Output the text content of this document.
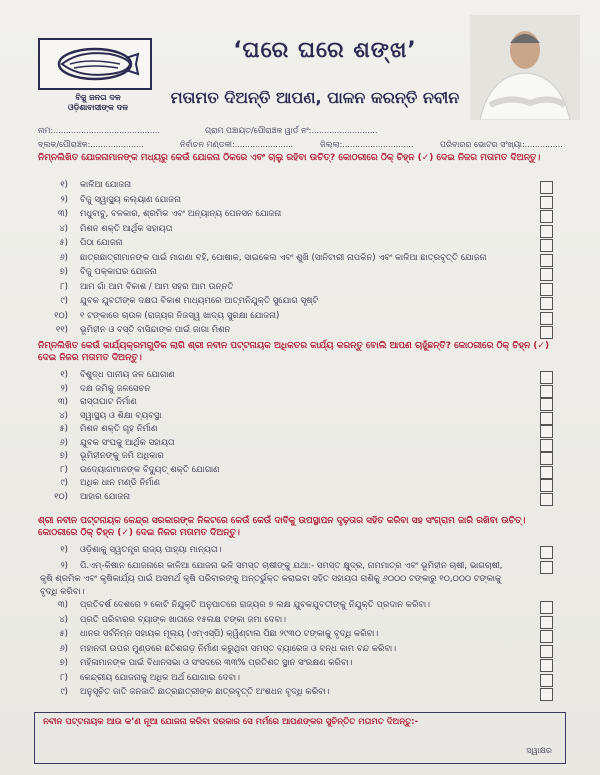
ବିଜୁ ଜନତା ଦଳ
ଓଡ଼ିଶାବାସୀଙ୍କ ଦଳ
‘ଘରେ ଘରେ ଶଙ୍ଖ’
ମତାମତ ଦିଅନ୍ତି ଆପଣ, ପାଳନ କରନ୍ତି ନବୀନ
ନାମ:..........................................	ଗ୍ରାମ ପଞ୍ଚାୟତ/ପୌରାଞ୍ଚଳ ୱାର୍ଡ ନଂ:..........................
ବ୍ଲକ/ପୌରାଞ୍ଚଳ:.....................	ନିର୍ବାଚନ ମଣ୍ଡଳୀ:.......................	ଜିଲ୍ଲା:............................	ପରିବାରର ଭୋଟର ସଂଖ୍ୟା:...............
ନିମ୍ନଲିଖିତ ଯୋଜନାମାନଙ୍କ ମଧ୍ୟରୁ କେଉଁ ଯୋଜନା ଠିକରେ ଏବଂ ଚାଲୁ ରହିବା ଉଚିତ୍? କୋଠରୀରେ ଠିକ୍ ଚିହ୍ନ (✓) ଦେଇ ନିଜର ମତାମତ ଦିଅନ୍ତୁ।
୧) କାଳିଆ ଯୋଜନା
୨) ବିଜୁ ସ୍ୱାସ୍ଥ୍ୟ କଲ୍ୟାଣ ଯୋଜନା
୩) ମଧୁବାବୁ, ବଳକାର, ଶ୍ରମିକ ଏବଂ ଅନ୍ୟାନ୍ୟ ପେନସନ ଯୋଜନା
୪) ମିଶନ ଶକ୍ତି ଆର୍ଥିକ ସହାୟତା
୫) ପିଠା ଯୋଜନା
୬) ଛାତ୍ରଛାତ୍ରୀମାନଙ୍କ ପାଇଁ ମାଗଣା ବହି, ପୋଷାକ, ସାଇକେଲ ଏବଂ ଶୁଖି (ସାନିଟାରୀ ନାପକିନ) ଏବଂ କାଳିଆ ଛାତ୍ରବୃତ୍ତି ଯୋଜନା
୭) ବିଜୁ ପକ୍କାଘର ଯୋଜନା
୮) ଆମ ଗାଁ ଆମ ବିକାଶ / ଆମ ସହର ଆମ ଉନ୍ନତି
୯) ଯୁବକ ଯୁବତୀଙ୍କ ଦକ୍ଷତା ବିକାଶ ମାଧ୍ୟମରେ ଆତ୍ମନିଯୁକ୍ତି ସୁଯୋଗ ସୃଷ୍ଟି
୧୦) ୧ ଟଙ୍କାରେ ଚାଉଳ (ରାଜ୍ୟର ନିଜସ୍ୱ ଖାଦ୍ୟ ସୁରକ୍ଷା ଯୋଜନା)
୧୧) ଭୂମିହୀନ ଓ ବସ୍ତି ବାସିନ୍ଦାଙ୍କ ପାଇଁ ଜାଗା ମିଶନ
ନିମ୍ନଲିଖିତ କେଉଁ କାର୍ଯ୍ୟକ୍ରମଗୁଡିକ ଲାଗି ଶ୍ରୀ ନବୀନ ପଟ୍ଟନାୟକ ଅଧିକତର କାର୍ଯ୍ୟ କରନ୍ତୁ ବୋଲି ଆପଣ ଚାହୁଁଛନ୍ତି? କୋଠରୀରେ ଠିକ୍ ଚିହ୍ନ (✓) ଦେଇ ନିଜର ମତାମତ ଦିଅନ୍ତୁ।
୧) ବିଶୁଦ୍ଧ ପାନୀୟ ଜଳ ଯୋଗାଣ
୨) ଦକ୍ଷ ଜମିକୁ ଜଳସେଚନ
୩) ରାସ୍ତାଘାଟ ନିର୍ମାଣ
୪) ସ୍ୱାସ୍ଥ୍ୟ ଓ ଶିକ୍ଷା ବ୍ୟବସ୍ଥା
୫) ମିଶନ ଶକ୍ତି ଗୃହ ନିର୍ମାଣ
୬) ଯୁବକ ସଂଘକୁ ଆର୍ଥିକ ସହାୟତା
୭) ଭୂମିହୀନଙ୍କୁ ଜମି ଅଧିକାର
୮) ଉଦ୍ୟୋଗମାନଙ୍କ ବିଦ୍ୟୁତ୍ ଶକ୍ତି ଯୋଗାଣ
୯) ଅଧିକ ଧାନ ମଣ୍ଡି ନିର୍ମାଣ
୧୦) ଆହାର ଯୋଜନା
ଶ୍ରୀ ନବୀନ ପଟ୍ଟନାୟକ କେନ୍ଦ୍ର ସରକାରଙ୍କ ନିକଟରେ କେଉଁ କେଉଁ ଦାବିକୁ ଉପସ୍ଥାପନ ଦୃଢ଼ତାର ସହିତ କରିବା ସହ ସଂଗ୍ରାମ ଜାରି ରଖିବା ଉଚିତ୍। କୋଠରୀରେ ଠିକ୍ ଚିହ୍ନ (✓) ଦେଇ ନିଜର ମତାମତ ଦିଅନ୍ତୁ।
୧) ଓଡ଼ିଶାକୁ ସ୍ୱତନ୍ତ୍ର ରାଜ୍ୟ ପାହ୍ୟା ମାନ୍ୟତା।
୨) ପି.ଏମ୍-କିଷାନ ଯୋଜନାରେ କାଳିଆ ଯୋଜନା ଭଳି ସମସ୍ତ ଚାଷୀଙ୍କୁ ଯଥା:- ସମସ୍ତ କ୍ଷୁଦ୍ର, ନାମମାତ୍ର ଏବଂ ଭୂମିହୀନ ଚାଷୀ, ଭାଗଚାଷୀ, କୃଷି ଶ୍ରମିକ ଏବଂ କୃଷିକାର୍ଯ୍ୟ ପାଇଁ ଅସମର୍ଥ କୃଷି ପରିବାରଙ୍କୁ ଅନ୍ତର୍ଭୁକ୍ତ କରାଇବା ସହିତ ସହାୟତା ରାଶିକୁ ୬୦୦୦ ଟଙ୍କାରୁ ୧୦,୦୦୦ ଟଙ୍କାକୁ ବୃଦ୍ଧି କରିବା।
୩) ପ୍ରତିବର୍ଷ ଦେଶରେ ୨ କୋଟି ନିଯୁକ୍ତି ଅନୁପାତରେ ରାଜ୍ୟର ୭ ଲକ୍ଷ ଯୁବକଯୁବତୀଙ୍କୁ ନିଯୁକ୍ତି ପ୍ରଦାନ କରିବା।
୪) ପ୍ରତି ପରିବାରର ବ୍ୟାଙ୍କ ଖାତାରେ ୧୫ଲକ୍ଷ ଟଙ୍କା ଜମା ଦେବା।
୫) ଧାନର ସର୍ବନିମ୍ନ ସହାୟକ ମୂଲ୍ୟ (ଏମ୍ଏସ୍ପି) କ୍ୱିଣ୍ଟାଲ ପିଛା ୨୯୩୦ ଟଙ୍କାକୁ ବୃଦ୍ଧି କରିବା।
୬) ମହାନଦୀ ଉପର ମୁଣ୍ଡରେ ଛତିଶଗଡ଼ ନିର୍ମାଣ କରୁଥିବା ସମସ୍ତ ବ୍ୟାରେଜ ଓ ବନ୍ଧ କାମ ବନ୍ଦ କରିବା।
୭) ମହିଳାମାନଙ୍କ ପାଇଁ ବିଧାନସଭା ଓ ସଂସଦରେ ୩୩% ପ୍ରତିଶତ ସ୍ଥାନ ସଂରକ୍ଷଣ କରିବା।
୮) କେନ୍ଦ୍ରୀୟ ଯୋଜନାକୁ ଅଧିକ ଅର୍ଥ ଯୋଗାଇ ଦେବା।
୯) ଅନୁସୂଚିତ ଜାତି ଜନଜାତି ଛାତ୍ରଛାତ୍ରୀଙ୍କ ଛାତ୍ରବୃତ୍ତି ଅଂଶଧନ ବୃଦ୍ଧି କରିବା।
ନବୀନ ପଟ୍ଟନାୟକ ଆଉ କ’ଣ ନୂଆ ଯୋଜନା କରିବା ଦରକାର ସେ ମର୍ମରେ ଆପଣଙ୍କର ସୁଚିନ୍ତିତ ମତାମତ ଦିଅନ୍ତୁ:-
ସ୍ୱାକ୍ଷର
